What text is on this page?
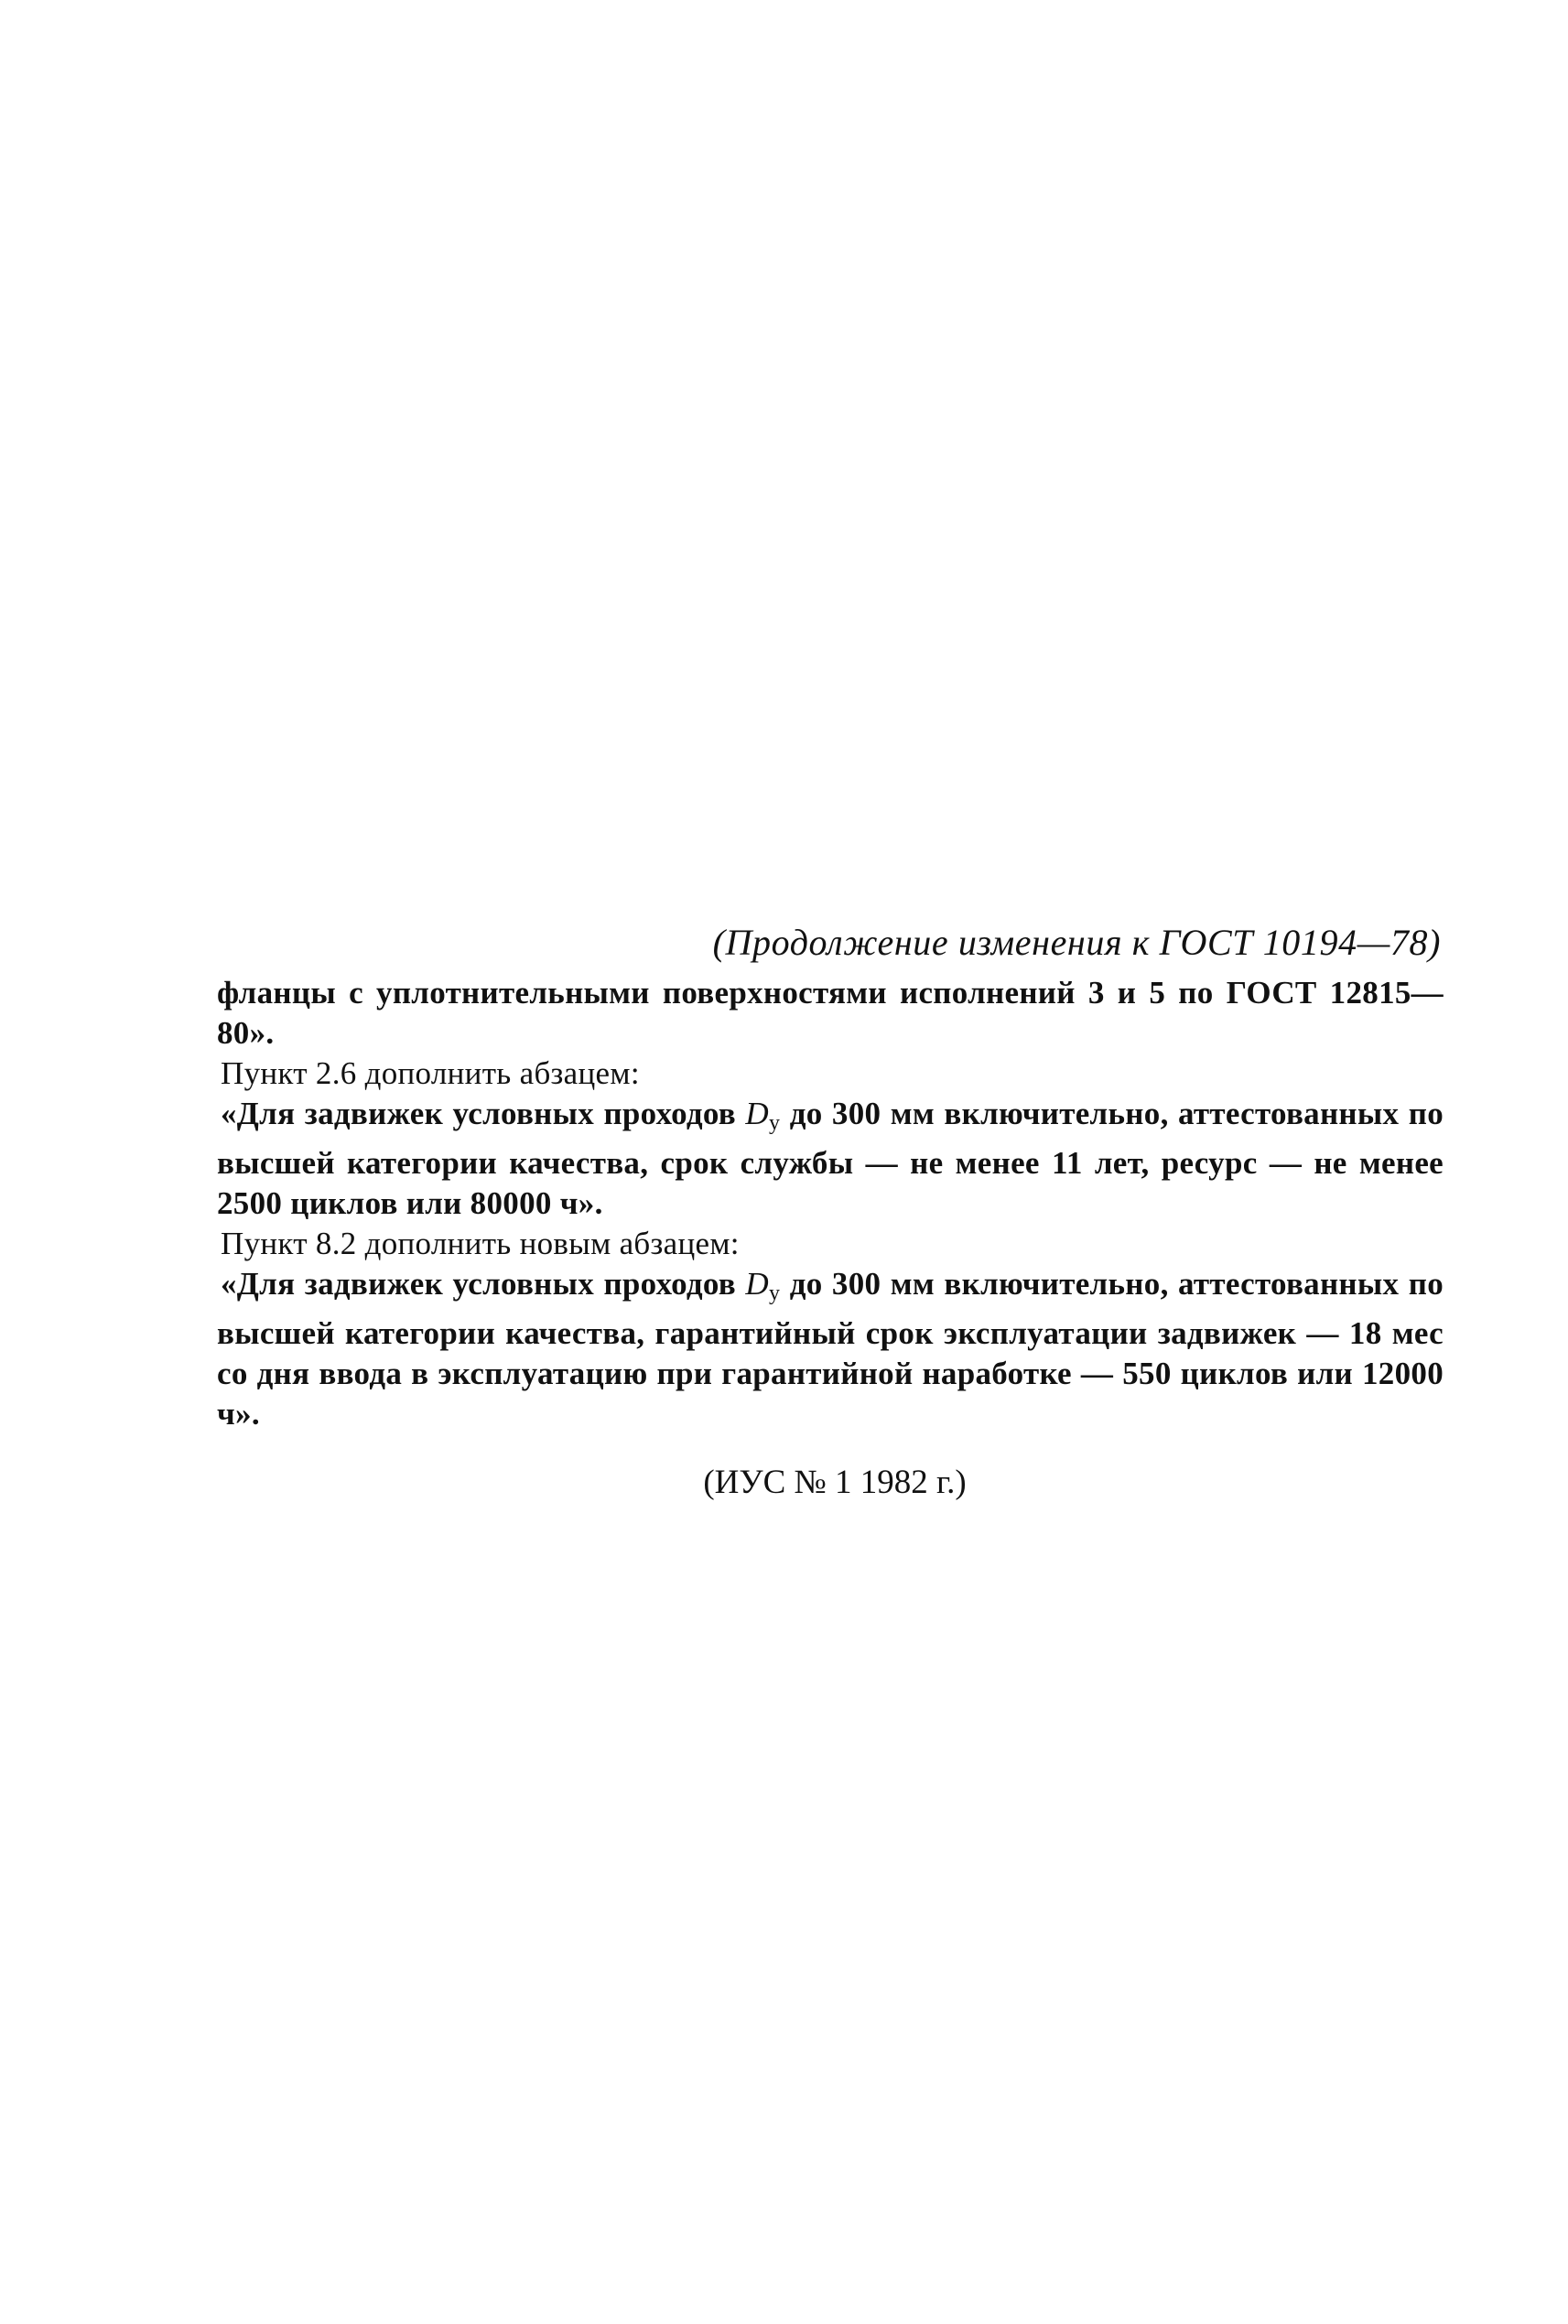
(Продолжение изменения к ГОСТ 10194—78)

фланцы с уплотнительными поверхностями исполнений 3 и 5 по ГОСТ 12815—80».

Пункт 2.6 дополнить абзацем:

«Для задвижек условных проходов $D_у$ до 300 мм включительно, аттестованных по высшей категории качества, срок службы — не менее 11 лет, ресурс — не менее 2500 циклов или 80000 ч».

Пункт 8.2 дополнить новым абзацем:

«Для задвижек условных проходов $D_у$ до 300 мм включительно, аттестованных по высшей категории качества, гарантийный срок эксплуатации задвижек — 18 мес со дня ввода в эксплуатацию при гарантийной наработке — 550 циклов или 12000 ч».

(ИУС № 1 1982 г.)
